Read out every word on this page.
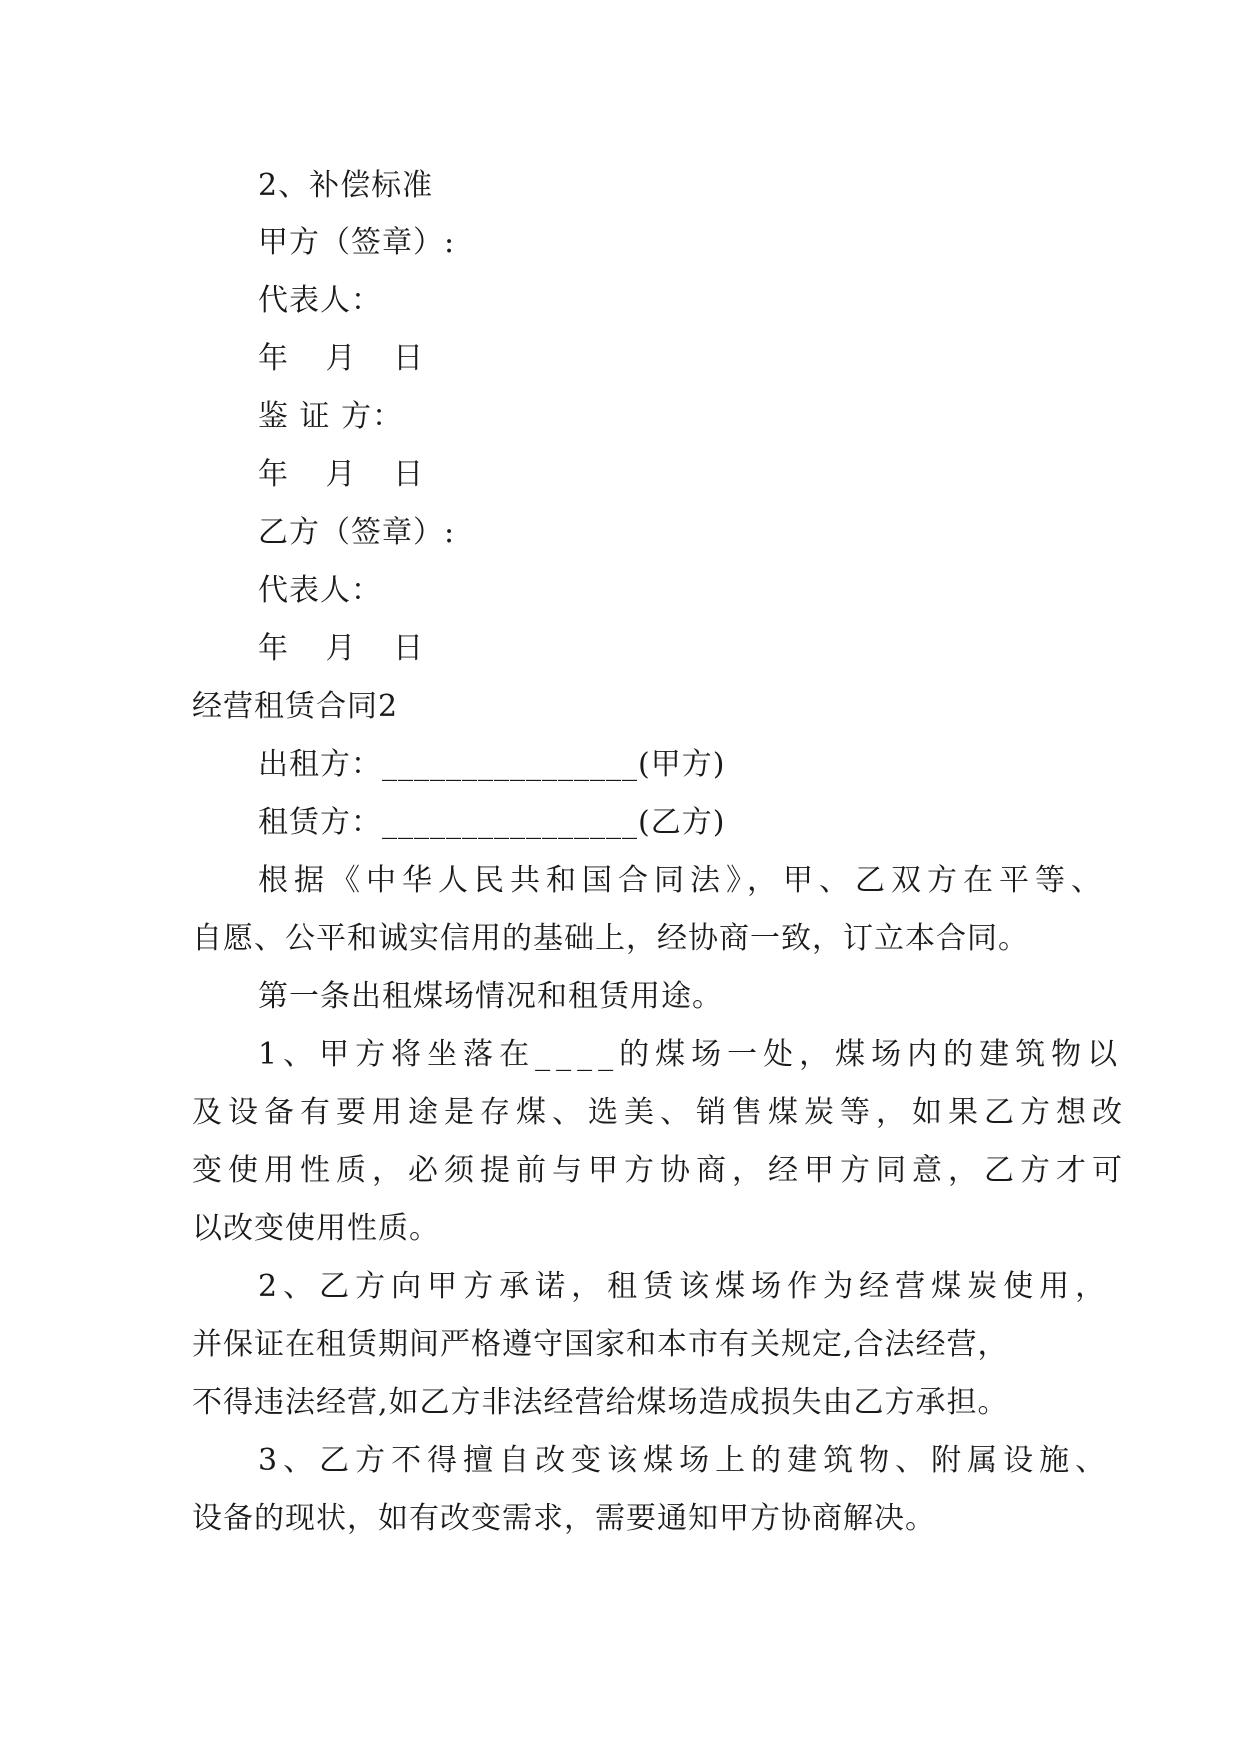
2、补偿标准
甲方（签章）:
代表人：
年 月 日
鉴 证 方：
年 月 日
乙方（签章）:
代表人：
年 月 日
经营租赁合同2
出租方：________________(甲方)
租赁方：________________(乙方)
根据《中华人民共和国合同法》，甲、乙双方在平等、
自愿、公平和诚实信用的基础上，经协商一致，订立本合同。
第一条出租煤场情况和租赁用途。
1、甲方将坐落在____的煤场一处，煤场内的建筑物以
及设备有要用途是存煤、选美、销售煤炭等，如果乙方想改
变使用性质，必须提前与甲方协商，经甲方同意，乙方才可
以改变使用性质。
2、乙方向甲方承诺，租赁该煤场作为经营煤炭使用，
并保证在租赁期间严格遵守国家和本市有关规定,合法经营，
不得违法经营,如乙方非法经营给煤场造成损失由乙方承担。
3、乙方不得擅自改变该煤场上的建筑物、附属设施、
设备的现状，如有改变需求，需要通知甲方协商解决。
